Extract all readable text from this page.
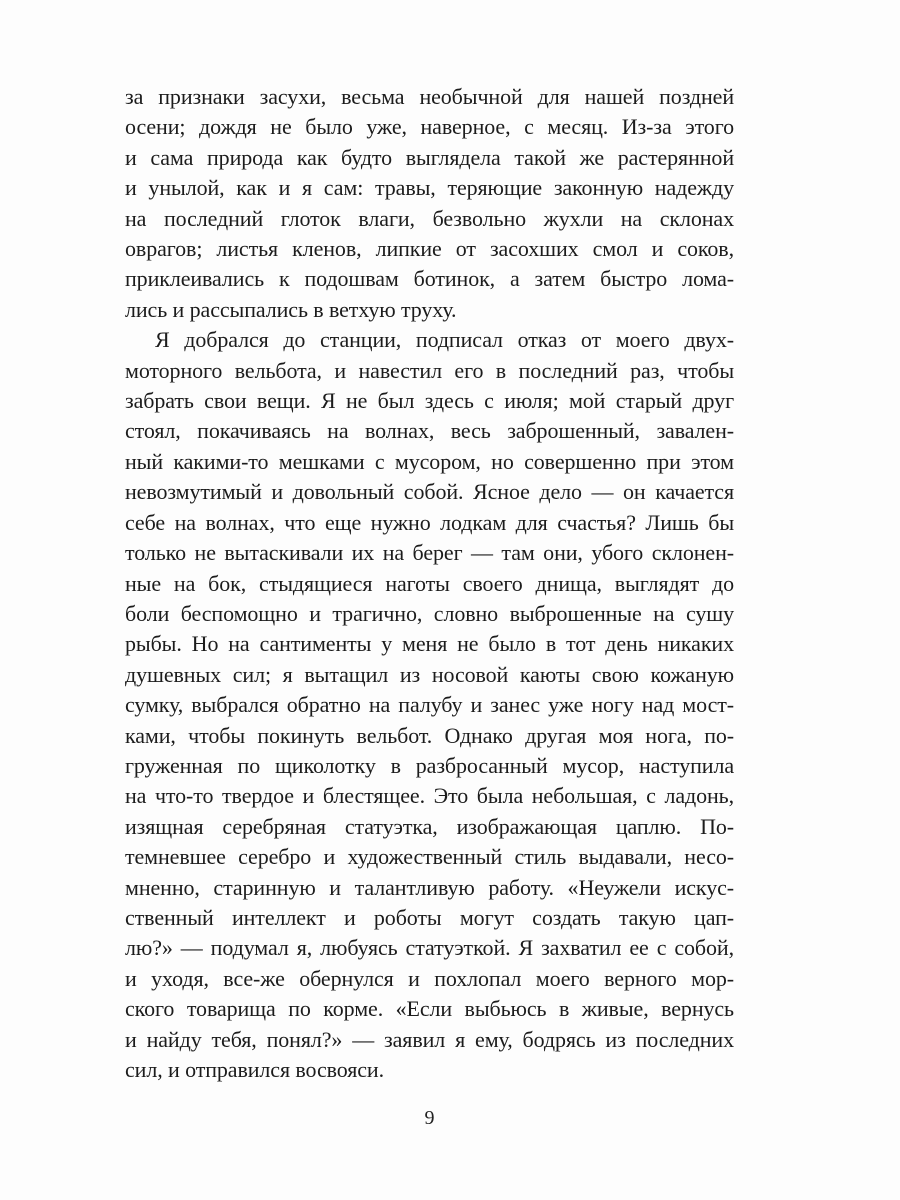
за признаки засухи, весьма необычной для нашей поздней
осени; дождя не было уже, наверное, с месяц. Из-за этого
и сама природа как будто выглядела такой же растерянной
и унылой, как и я сам: травы, теряющие законную надежду
на последний глоток влаги, безвольно жухли на склонах
оврагов; листья кленов, липкие от засохших смол и соков,
приклеивались к подошвам ботинок, а затем быстро лома-
лись и рассыпались в ветхую труху.

Я добрался до станции, подписал отказ от моего двух-
моторного вельбота, и навестил его в последний раз, чтобы
забрать свои вещи. Я не был здесь с июля; мой старый друг
стоял, покачиваясь на волнах, весь заброшенный, завален-
ный какими-то мешками с мусором, но совершенно при этом
невозмутимый и довольный собой. Ясное дело — он качается
себе на волнах, что еще нужно лодкам для счастья? Лишь бы
только не вытаскивали их на берег — там они, убого склонен-
ные на бок, стыдящиеся наготы своего днища, выглядят до
боли беспомощно и трагично, словно выброшенные на сушу
рыбы. Но на сантименты у меня не было в тот день никаких
душевных сил; я вытащил из носовой каюты свою кожаную
сумку, выбрался обратно на палубу и занес уже ногу над мост-
ками, чтобы покинуть вельбот. Однако другая моя нога, по-
груженная по щиколотку в разбросанный мусор, наступила
на что-то твердое и блестящее. Это была небольшая, с ладонь,
изящная серебряная статуэтка, изображающая цаплю. По-
темневшее серебро и художественный стиль выдавали, несо-
мненно, старинную и талантливую работу. «Неужели искус-
ственный интеллект и роботы могут создать такую цап-
лю?» — подумал я, любуясь статуэткой. Я захватил ее с собой,
и уходя, все-же обернулся и похлопал моего верного мор-
ского товарища по корме. «Если выбьюсь в живые, вернусь
и найду тебя, понял?» — заявил я ему, бодрясь из последних
сил, и отправился восвояси.

9
